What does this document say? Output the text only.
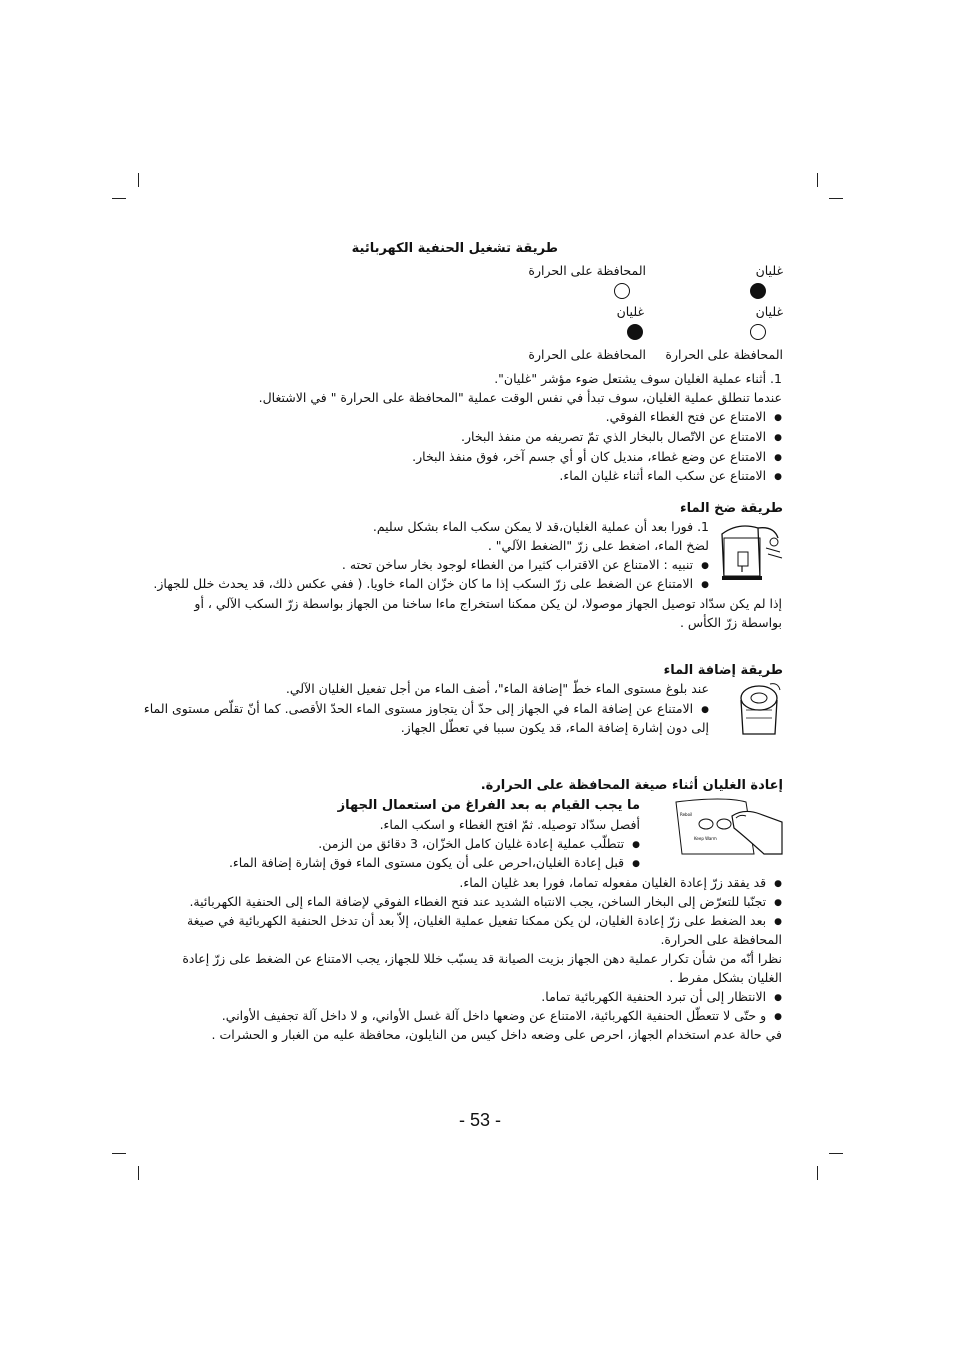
طريقة تشغيل الحنفية الكهربائية
المحافظة على الحرارة	غليان
غليان	غليان
المحافظة على الحرارة	المحافظة على الحرارة
1. أثناء عملية الغليان سوف يشتعل ضوء مؤشر "غليان".
عندما تنطلق عملية الغليان، سوف تبدأ في نفس الوقت عملية "المحافظة على الحرارة " في الاشتغال.
● الامتناع عن فتح الغطاء الفوقي.
● الامتناع عن الاتّصال بالبخار الذي تمّ تصريفه من منفذ البخار.
● الامتناع عن وضع غطاء، منديل كان أو أي جسم آخر، فوق منفذ البخار.
● الامتناع عن سكب الماء أثناء غليان الماء.
طريقة ضخ الماء
1. فورا بعد أن عملية الغليان،قد لا يمكن سكب الماء بشكل سليم.
لضخ الماء، اضغط على زرّ "الضغط الآلي" .
● تنبيه : الامتناع عن الاقتراب كثيرا من الغطاء لوجود بخار ساخن تحته .
● الامتناع عن الضغط على زرّ السكب إذا ما كان خزّان الماء خاويا. ( ففي عكس ذلك، قد يحدث خلل للجهاز.
إذا لم يكن سدّاد توصيل الجهاز موصولا، لن يكن ممكنا استخراج ماءا ساخنا من الجهاز بواسطة زرّ السكب الآلي ، أو
بواسطة زرّ الكأس .
طريقة إضافة الماء
عند بلوغ مستوى الماء خطّ "إضافة الماء"، أضف الماء من أجل تفعيل الغليان الآلي.
● الامتناع عن إضافة الماء في الجهاز إلى حدّ أن يتجاوز مستوى الماء الحدّ الأقصى. كما أنّ تقلّص مستوى الماء
إلى دون إشارة إضافة الماء، قد يكون سببا في تعطّل الجهاز.
إعادة الغليان أثناء صيغة المحافظة على الحرارة.
Reboil
Keep Warm
ما يجب القيام به بعد الفراغ من استعمال الجهاز
أفصل سدّاد توصيله. ثمّ افتح الغطاء و اسكب الماء.
● تتطلّب عملية إعادة غليان كامل الخزّان، 3 دقائق من الزمن.
● قبل إعادة الغليان،احرص على أن يكون مستوى الماء فوق إشارة إضافة الماء.
● قد يفقد زرّ إعادة الغليان مفعوله تماما، فورا بعد غليان الماء.
● تجنّبا للتعرّض إلى البخار الساخن، يجب الانتباه الشديد عند فتح الغطاء الفوقي لإضافة الماء إلى الحنفية الكهربائية.
● بعد الضغط على زرّ إعادة الغليان، لن يكن ممكنا تفعيل عملية الغليان، إلاّ بعد أن تدخل الحنفية الكهربائية في صيغة
المحافظة على الحرارة.
نظرا أنّه من شأن تكرار عملية دهن الجهاز بزيت الصيانة قد يسبّب خللا للجهاز، يجب الامتناع عن الضغط على زرّ إعادة
الغليان بشكل مفرط .
● الانتظار إلى أن تبرد الحنفية الكهربائية تماما.
● و حتّى لا تتعطّل الحنفية الكهربائية، الامتناع عن وضعها داخل آلة غسل الأواني، و لا داخل آلة تجفيف الأواني.
في حالة عدم استخدام الجهاز، احرص على وضعه داخل كيس من النايلون، محافظة عليه من الغبار و الحشرات .
- 53 -
